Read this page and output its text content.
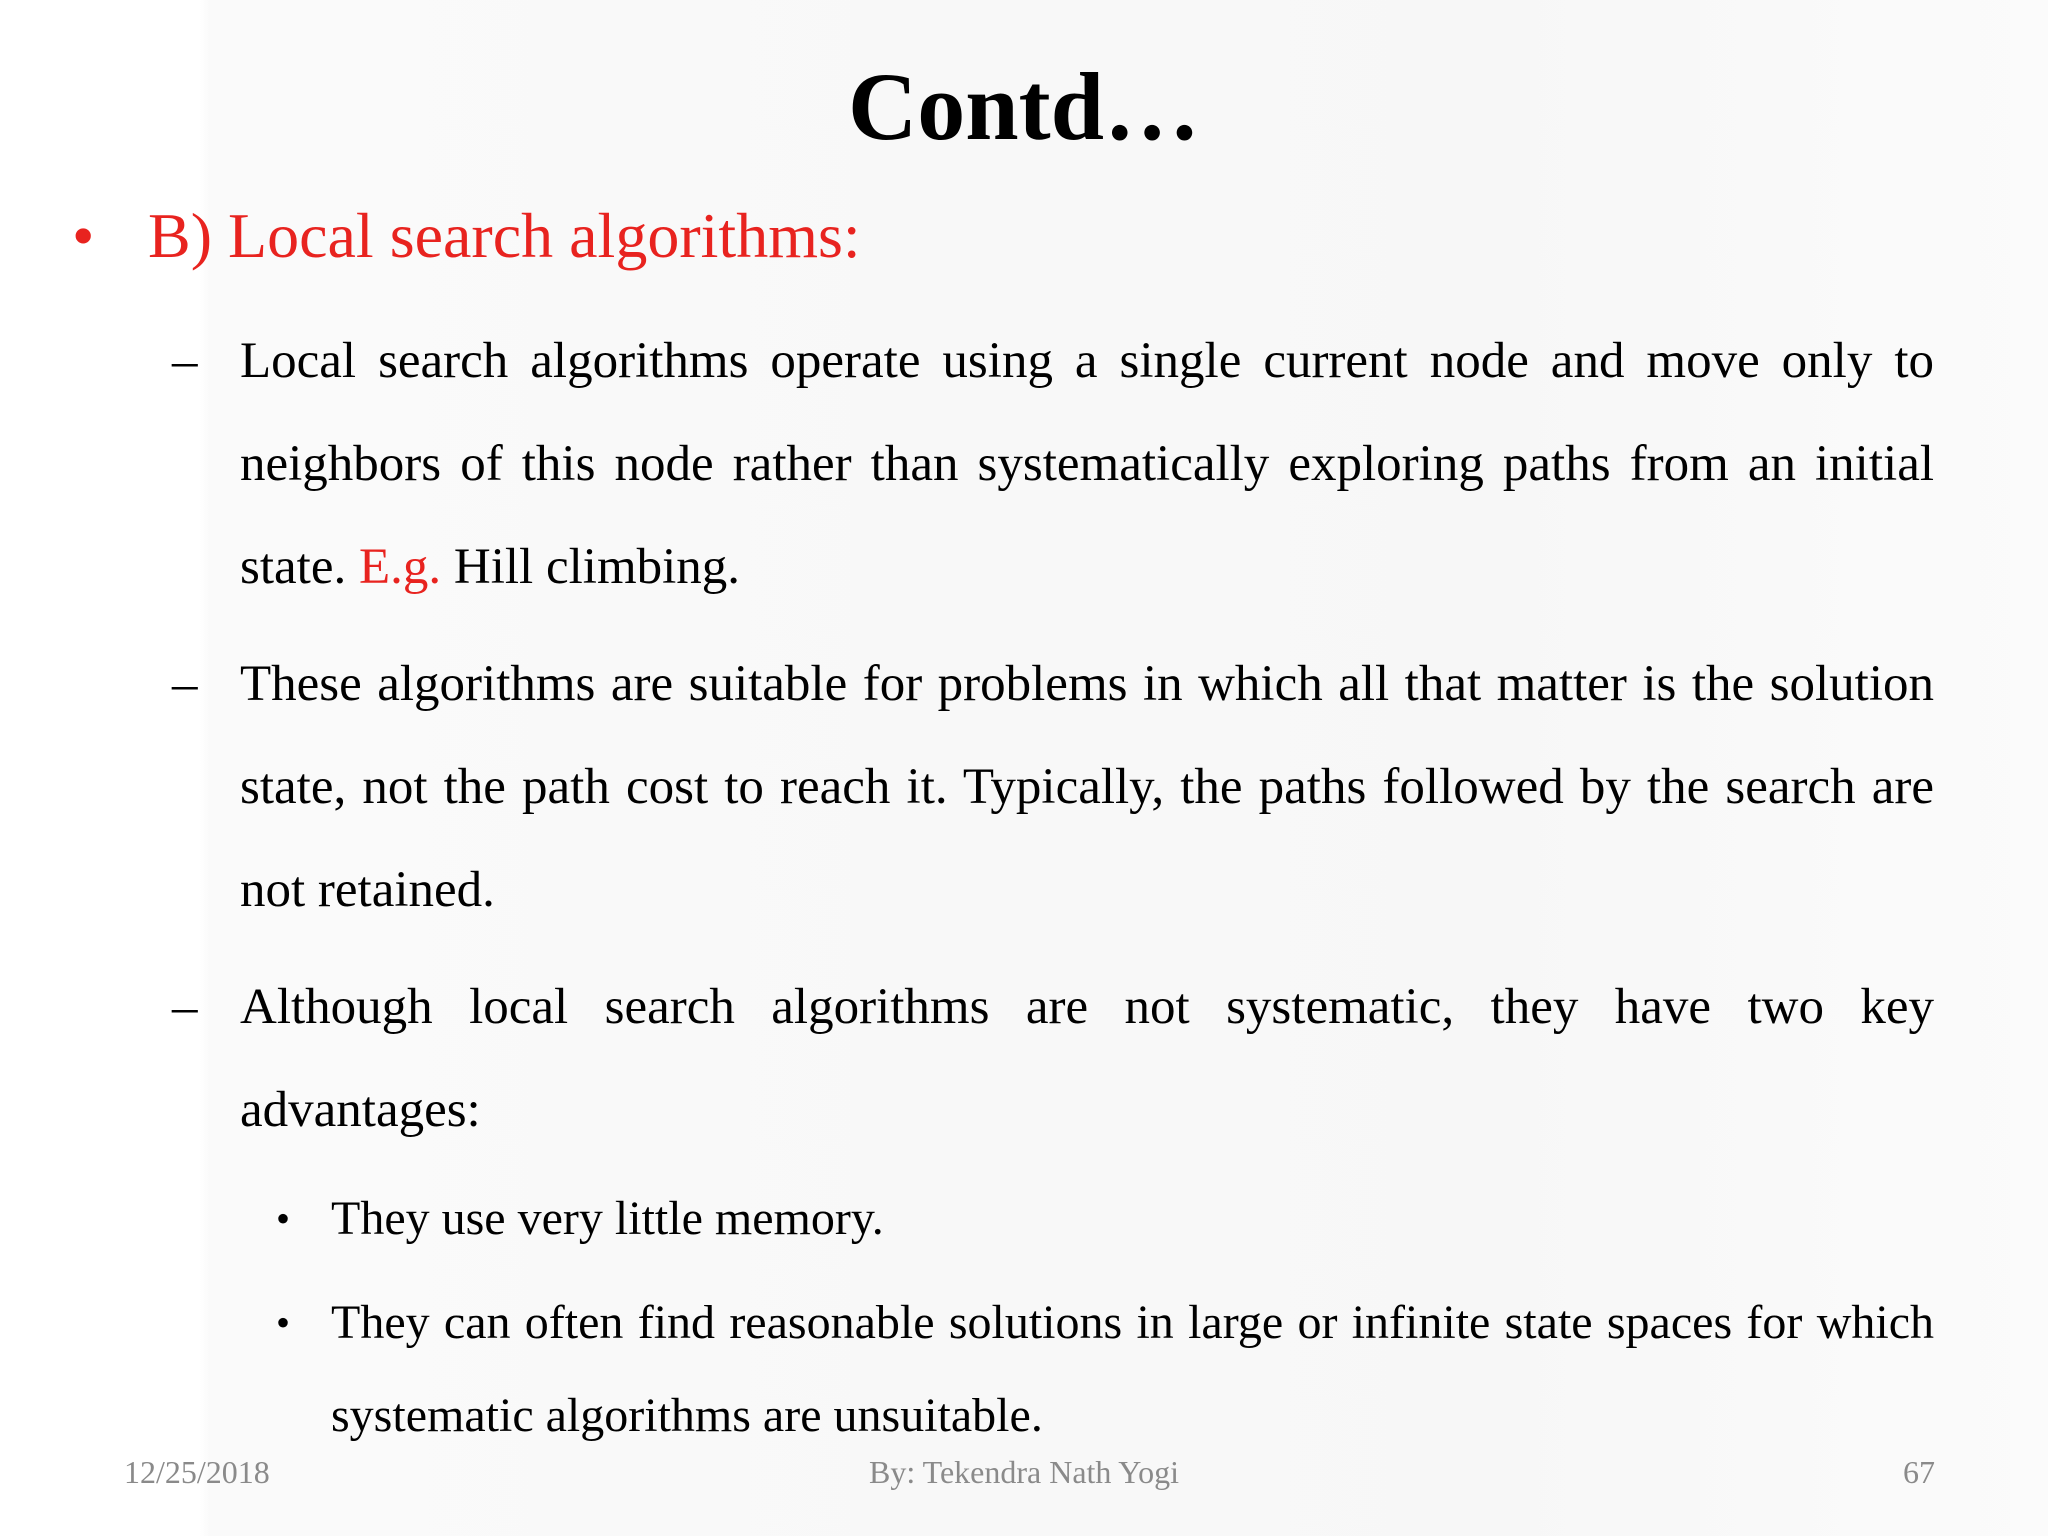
Contd…
• B) Local search algorithms:
– Local search algorithms operate using a single current node and move only to neighbors of this node rather than systematically exploring paths from an initial state. E.g. Hill climbing.
– These algorithms are suitable for problems in which all that matter is the solution state, not the path cost to reach it. Typically, the paths followed by the search are not retained.
– Although local search algorithms are not systematic, they have two key advantages:
• They use very little memory.
• They can often find reasonable solutions in large or infinite state spaces for which systematic algorithms are unsuitable.
12/25/2018	By: Tekendra Nath Yogi	67
